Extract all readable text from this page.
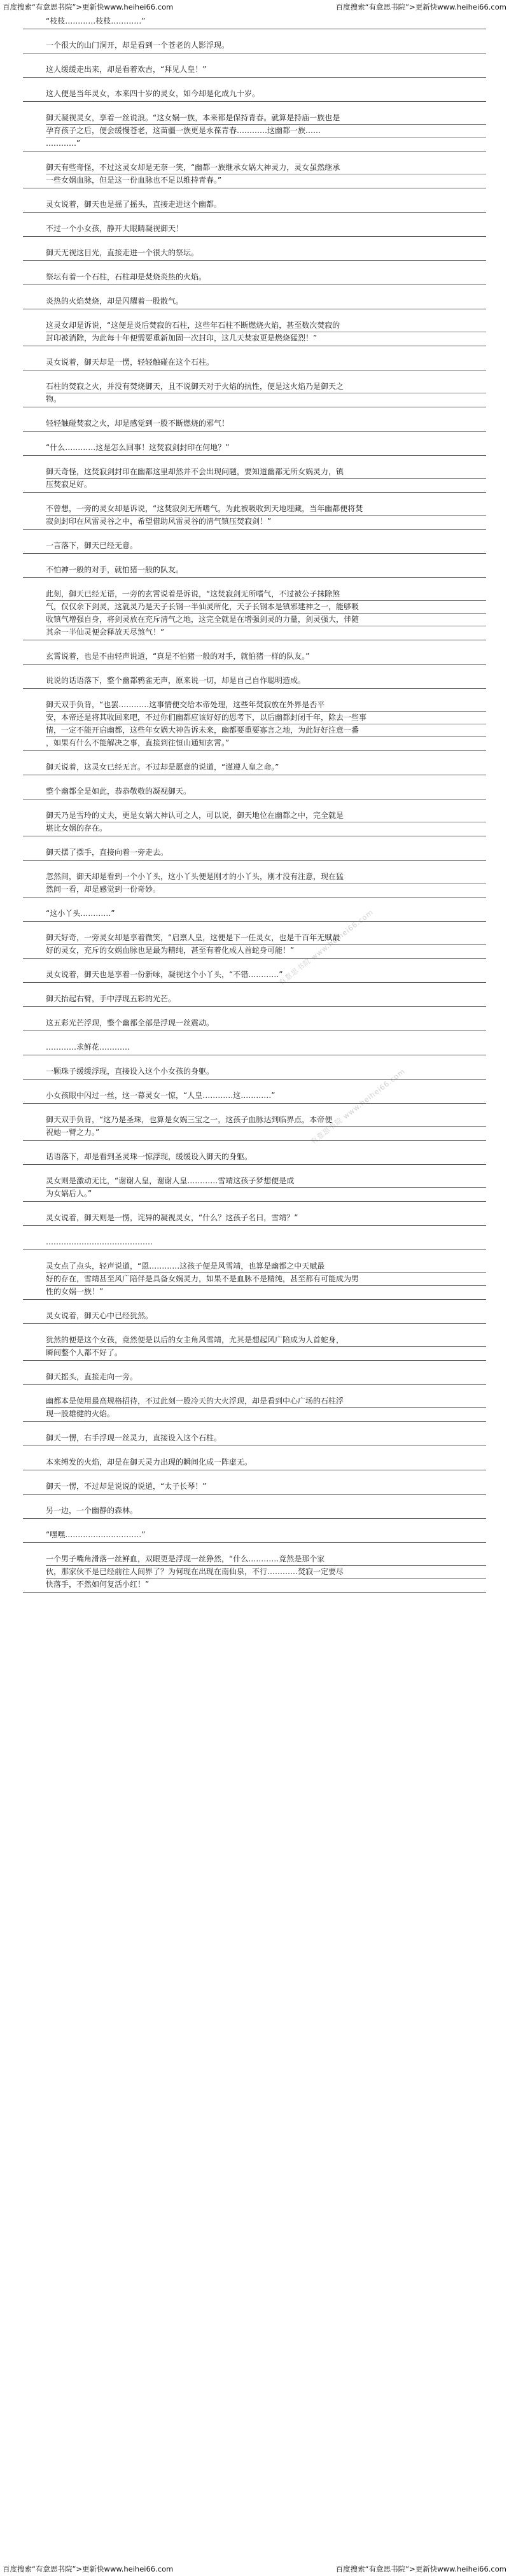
百度搜索“有意思书院”>更新快www.heihei66.com	百度搜索“有意思书院”>更新快www.heihei66.com
有意思书院 www.heihei66.com
有意思书院 www.heihei66.com
“枝枝…………枝枝…………”
一个很大的山门洞开，却是看到一个苍老的人影浮现。
这人缓缓走出来，却是看着欢吉，“拜见人皇！”
这人便是当年灵女，本来四十岁的灵女，如今却是化成九十岁。
御天凝视灵女，享着一丝说浪。“这女娲一族，本来都是保持青春。就算是持庙一族也是
孕育孩子之后，便会缓慢苍老，这苗疆一族更是永葆青春…………这幽都一族……
…………”
御天有些奇怪，不过这灵女却是无奈一笑，“幽都一族继承女娲大神灵力，灵女虽然继承
一些女娲血脉，但是这一份血脉也不足以维持青春。”
灵女说着，御天也是摇了摇头，直接走进这个幽都。
不过一个小女孩，静开大眼睛凝视御天！
御天无视这目光，直接走进一个很大的祭坛。
祭坛有着一个石柱，石柱却是焚烧炎热的火焰。
炎热的火焰焚烧，却是闪耀着一股散气。
这灵女却是诉说，“这便是炎后焚寂的石柱，这些年石柱不断燃烧火焰，甚至数次焚寂的
封印被消除，为此每十年便需要重新加固一次封印，这几天焚寂更是燃烧猛烈！”
灵女说着，御天却是一愣，轻轻触碰在这个石柱。
石柱的焚寂之火，并没有焚烧御天，且不说御天对于火焰的抗性，便是这火焰乃是御天之
物。
轻轻触碰焚寂之火，却是感觉到一股不断燃烧的邪气！
“什么…………这是怎么回事！这焚寂剑封印在何地？”
御天奇怪，这焚寂剑封印在幽都这里却然并不会出现问题，要知道幽都无所女娲灵力，镇
压焚寂足好。
不曾想，一旁的灵女却是诉说，“这焚寂剑无所嗜气，为此被吸收到天地埋藏，当年幽都便将焚
寂剑封印在风雷灵谷之中，希望借助风雷灵谷的清气镇压焚寂剑！”
一言落下，御天已经无意。
不怕神一般的对手，就怕猪一般的队友。
此刻，御天已经无语，一旁的玄霄说着是诉说，“这焚寂剑无所嗜气，不过被公子抹除煞
气，仅仅余下剑灵，这就灵乃是天子长钢一半仙灵所化，天子长钢本是镇邪建神之一，能够吸
收镇气增强自身，将剑灵放在充斥清气之地，这完全就是在增强剑灵的力量，剑灵强大，伴随
其余一半仙灵便会释放天尽煞气！”
玄霄说着，也是不由轻声说道，“真是不怕猪一般的对手，就怕猪一样的队友。”
说说的话语落下，整个幽都鸦雀无声，原来说一切，却是自己自作聪明造成。
御天双手负背，“也罢…………这事情便交给本帝处理，这些年焚寂放在外界是否平
安，本帝还是将其收回来吧，不过你们幽都应该好好的思考下，以后幽都封闭千年，除去一些事
情，一定不能开启幽都，这些年女娲大神告诉未来，幽都要重要寡言之地，为此好好注意一番
，如果有什么不能解决之事，直接到往恒山通知玄霄。”
御天说着，这灵女已经无言。不过却是愿意的说道，“谨遵人皇之命。”
整个幽都全是如此，恭恭敬敬的凝视御天。
御天乃是雪玲的丈夫，更是女娲大神认可之人，可以说，御天地位在幽都之中，完全就是
堪比女娲的存在。
御天摆了摆手，直接向着一旁走去。
忽然间，御天却是看到一个小丫头，这小丫头便是刚才的小丫头，刚才没有注意，现在猛
然间一看，却是感觉到一份奇妙。
“这小丫头…………”
御天好奇，一旁灵女却是享着微笑，“启禀人皇，这便是下一任灵女，也是千百年无赋最
好的灵女，充斥的女娲血脉也是最为精纯，甚至有着化成人首蛇身可能！”
灵女说着，御天也是享着一份新咏，凝视这个小丫头，“不错…………”
御天抬起右臂，手中浮现五彩的光芒。
这五彩光芒浮现，整个幽都全部是浮现一丝震动。
…………求鲜花…………
一颗珠子缓缓浮现，直接设入这个小女孩的身躯。
小女孩眼中闪过一丝，这一幕灵女一惊，“人皇…………这…………”
御天双手负背，“这乃是圣珠，也算是女娲三宝之一，这孩子血脉达到临界点，本帝便
祝她一臂之力。”
话语落下，却是看到圣灵珠一惊浮现，缓缓设入御天的身躯。
灵女则是激动无比，“谢谢人皇，谢谢人皇…………雪靖这孩子梦想便是成
为女娲后人。”
灵女说着，御天则是一愣，诧异的凝视灵女，“什么？这孩子名曰，雪靖？”
……………………………………
灵女点了点头，轻声说道，“恩…………这孩子便是风雪靖，也算是幽都之中天赋最
好的存在，雪靖甚至风广陪伴是具备女娲灵力，如果不是血脉不是精纯，甚至都有可能成为男
性的女娲一族！”
灵女说着，御天心中已经犹然。
犹然的便是这个女孩，竟然便是以后的女主角风雪靖，尤其是想起风广陪成为人首蛇身，
瞬间整个人都不好了。
御天摇头，直接走向一旁。
幽都本是使用最高规格招待，不过此刻一股冷天的大火浮现，却是看到中心广场的石柱浮
现一股雄健的火焰。
御天一愣，右手浮现一丝灵力，直接设入这个石柱。
本来缚发的火焰，却是在御天灵力出现的瞬间化成一阵虚无。
御天一愣，不过却是说说的说道，“太子长琴！”
另一边，一个幽静的森林。
“嘿嘿…………………………”
一个男子嘴角滑落一丝鲜血，双眼更是浮现一丝狰然，“什么…………竟然是那个家
伙，那家伙不是已经前往人间界了？为何现在出现在南仙泉，不行…………焚寂一定要尽
快落手，不然如何复活小红！”
百度搜索“有意思书院”>更新快www.heihei66.com	百度搜索“有意思书院”>更新快www.heihei66.com
